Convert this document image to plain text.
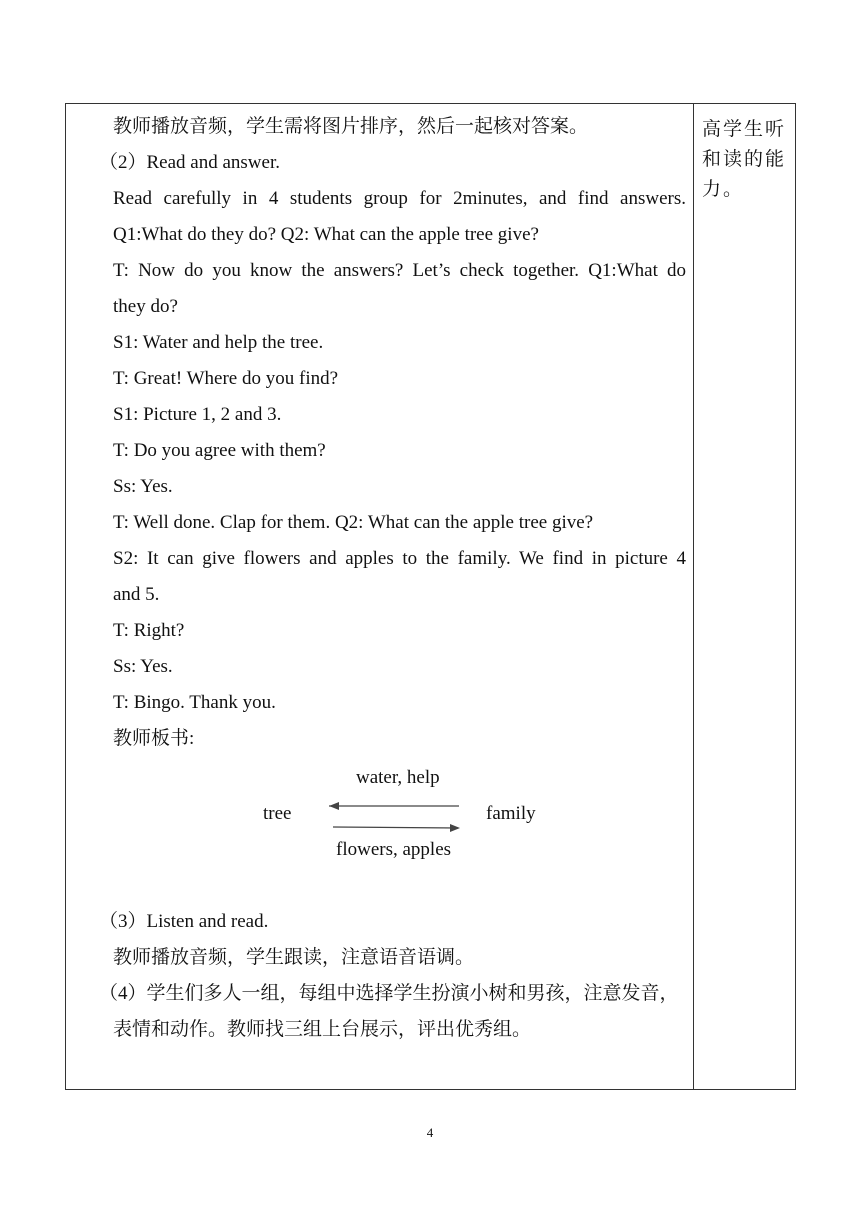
教师播放音频，学生需将图片排序，然后一起核对答案。
（2）Read and answer.
Read carefully in 4 students group for 2minutes, and find answers.
Q1:What do they do? Q2: What can the apple tree give?
T: Now do you know the answers? Let’s check together. Q1:What do
they do?
S1: Water and help the tree.
T: Great! Where do you find?
S1: Picture 1, 2 and 3.
T: Do you agree with them?
Ss: Yes.
T: Well done. Clap for them. Q2: What can the apple tree give?
S2: It can give flowers and apples to the family. We find in picture 4
and 5.
T: Right?
Ss: Yes.
T: Bingo. Thank you.
教师板书:
water, help
tree	family
flowers, apples
（3）Listen and read.
教师播放音频，学生跟读，注意语音语调。
（4）学生们多人一组，每组中选择学生扮演小树和男孩，注意发音，
表情和动作。教师找三组上台展示，评出优秀组。
高学生听和读的能力。
4
